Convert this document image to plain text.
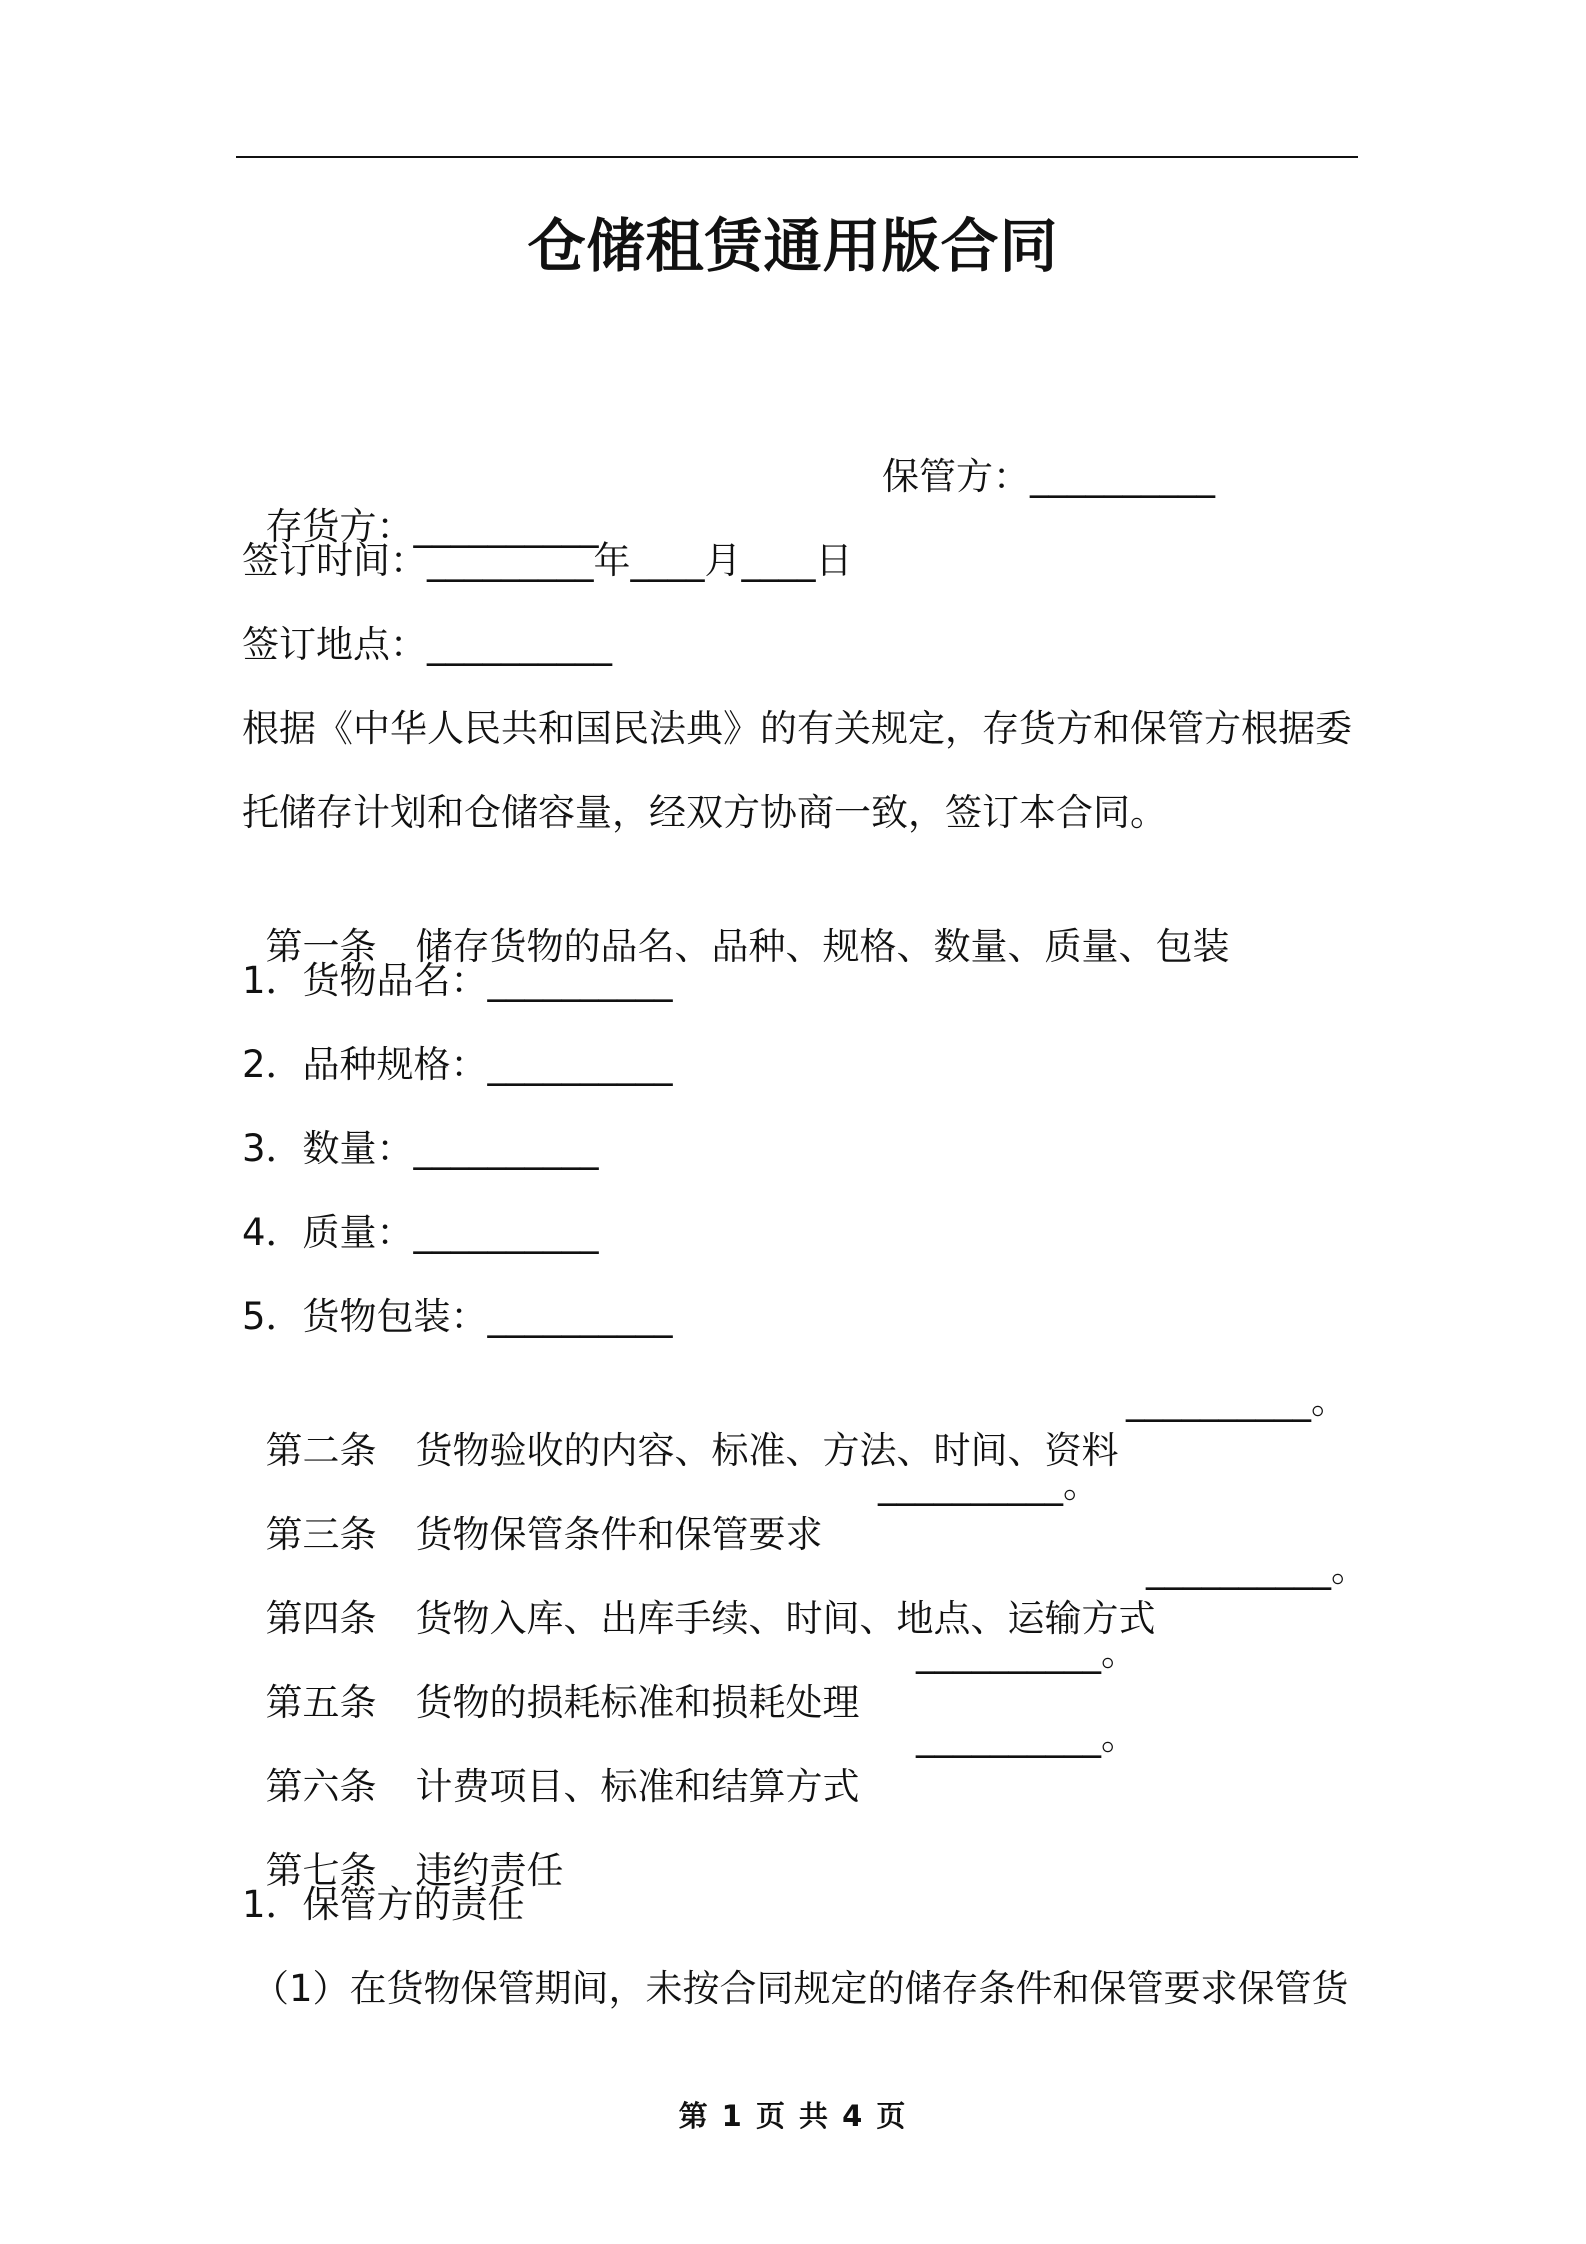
仓储租赁通用版合同

存货方：__________

保管方：__________

签订时间：_________年____月____日
签订地点：__________
根据《中华人民共和国民法典》的有关规定，存货方和保管方根据委
托储存计划和仓储容量，经双方协商一致，签订本合同。

第一条 储存货物的品名、品种、规格、数量、质量、包装

1．货物品名：__________
2．品种规格：__________
3．数量：__________
4．质量：__________
5．货物包装：__________

第二条 货物验收的内容、标准、方法、时间、资料
__________。

第三条 货物保管条件和保管要求
__________。

第四条 货物入库、出库手续、时间、地点、运输方式
__________。

第五条 货物的损耗标准和损耗处理
__________。

第六条 计费项目、标准和结算方式
__________。

第七条 违约责任

1．保管方的责任
（1）在货物保管期间，未按合同规定的储存条件和保管要求保管货
第 1 页 共 4 页
